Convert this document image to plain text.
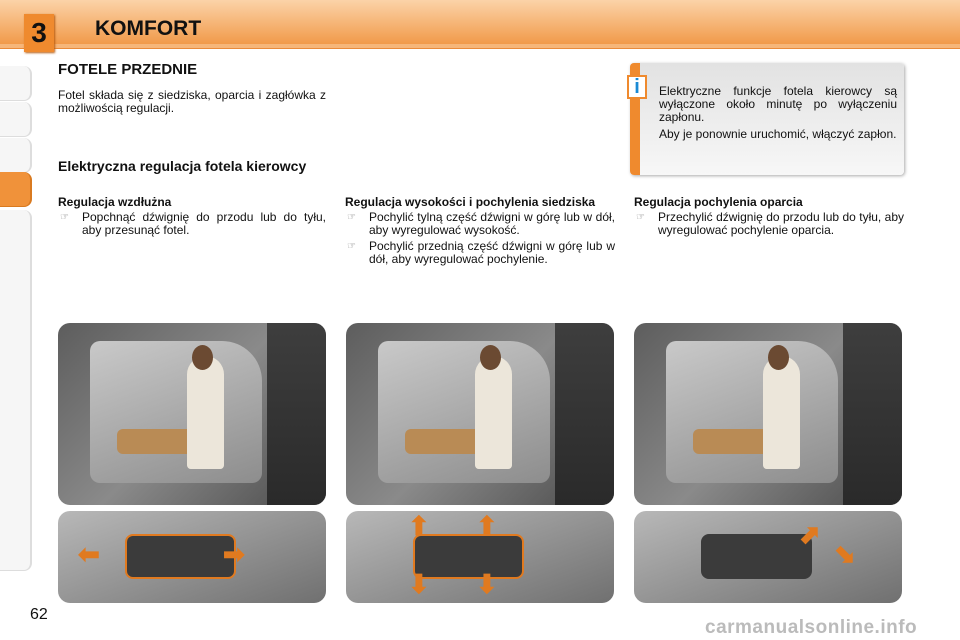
3	KOMFORT
FOTELE PRZEDNIE
Fotel składa się z siedziska, oparcia i zagłówka z możliwością regulacji.
Elektryczna regulacja fotela kierowcy
i	Elektryczne funkcje fotela kierowcy są wyłączone około minutę po wyłączeniu zapłonu.
Aby je ponownie uruchomić, włączyć zapłon.
Regulacja wzdłużna
☞ Popchnąć dźwignię do przodu lub do tyłu, aby przesunąć fotel.
Regulacja wysokości i pochylenia siedziska
☞ Pochylić tylną część dźwigni w górę lub w dół, aby wyregulować wysokość.
☞ Pochylić przednią część dźwigni w górę lub w dół, aby wyregulować pochylenie.
Regulacja pochylenia oparcia
☞ Przechylić dźwignię do przodu lub do tyłu, aby wyregulować pochylenie oparcia.
⬅	➡
⬆ ⬆
⬇ ⬇
⬈
⬊
62
carmanualsonline.info
